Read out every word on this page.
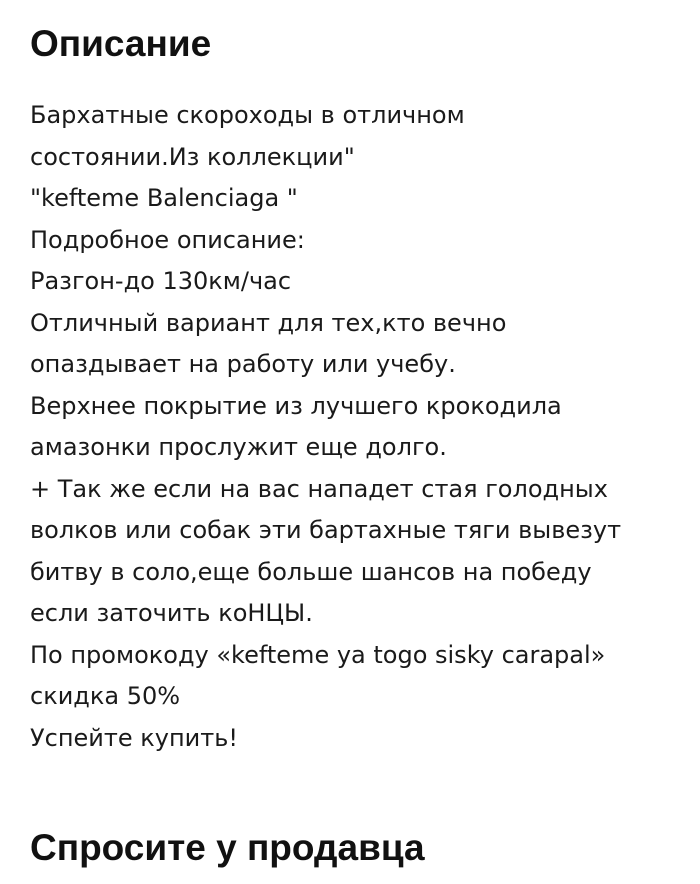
Описание
Бархатные скороходы в отличном
состоянии.Из коллекции"
"kefteme Balenciaga "
Подробное описание:
Разгон-до 130км/час
Отличный вариант для тех,кто вечно
опаздывает на работу или учебу.
Верхнее покрытие из лучшего крокодила
амазонки прослужит еще долго.
+ Так же если на вас нападет стая голодных
волков или собак эти бартахные тяги вывезут
битву в соло,еще больше шансов на победу
если заточить коНЦЫ.
По промокоду «kefteme ya togo sisky carapal»
скидка 50%
Успейте купить!
Спросите у продавца
